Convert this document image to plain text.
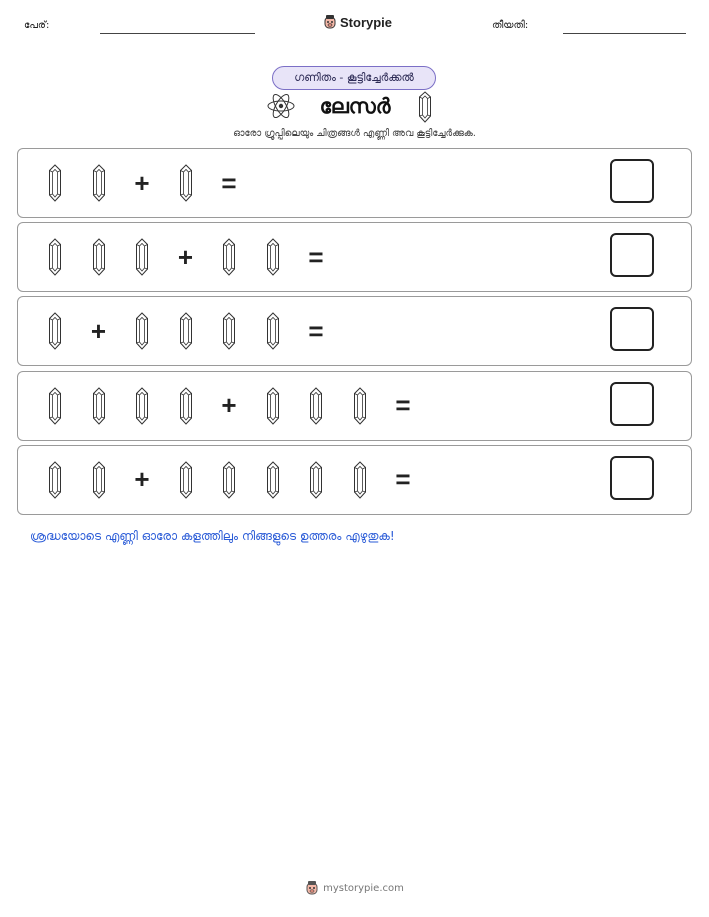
പേര്:	Storypie	തീയതി:
ഗണിതം - കൂട്ടിച്ചേർക്കൽ
ലേസർ
ഓരോ ഗ്രൂപ്പിലെയും ചിത്രങ്ങൾ എണ്ണി അവ കൂട്ടിച്ചേർക്കുക.
+	=
+	=
+	=
+	=
+	=
ശ്രദ്ധയോടെ എണ്ണി ഓരോ കളത്തിലും നിങ്ങളുടെ ഉത്തരം എഴുതുക!
mystorypie.com
